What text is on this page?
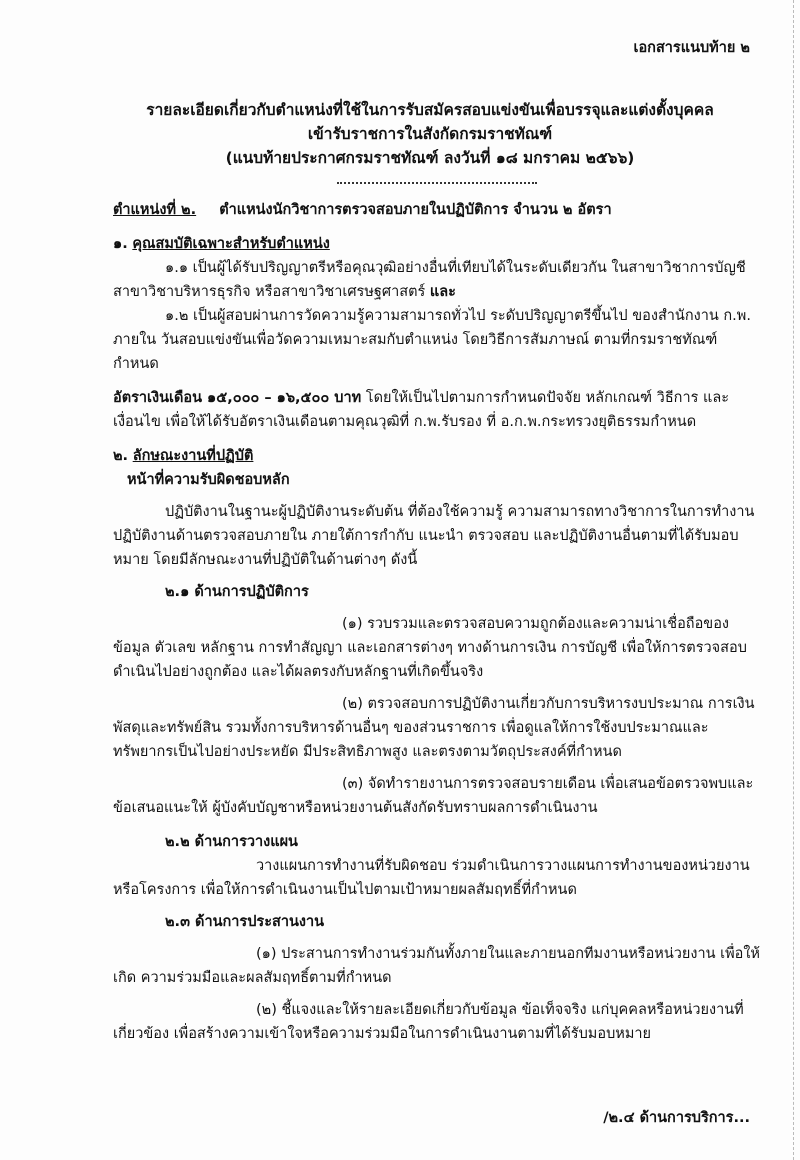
เอกสารแนบท้าย ๒
รายละเอียดเกี่ยวกับตำแหน่งที่ใช้ในการรับสมัครสอบแข่งขันเพื่อบรรจุและแต่งตั้งบุคคล
เข้ารับราชการในสังกัดกรมราชทัณฑ์
(แนบท้ายประกาศกรมราชทัณฑ์ ลงวันที่ ๑๘ มกราคม ๒๕๖๖)
ตำแหน่งที่ ๒. ตำแหน่งนักวิชาการตรวจสอบภายในปฏิบัติการ จำนวน ๒ อัตรา
๑. คุณสมบัติเฉพาะสำหรับตำแหน่ง
๑.๑ เป็นผู้ได้รับปริญญาตรีหรือคุณวุฒิอย่างอื่นที่เทียบได้ในระดับเดียวกัน ในสาขาวิชาการบัญชี สาขาวิชาบริหารธุรกิจ หรือสาขาวิชาเศรษฐศาสตร์ และ
๑.๒ เป็นผู้สอบผ่านการวัดความรู้ความสามารถทั่วไป ระดับปริญญาตรีขึ้นไป ของสำนักงาน ก.พ. ภายใน วันสอบแข่งขันเพื่อวัดความเหมาะสมกับตำแหน่ง โดยวิธีการสัมภาษณ์ ตามที่กรมราชทัณฑ์กำหนด
อัตราเงินเดือน ๑๕,๐๐๐ – ๑๖,๕๐๐ บาท โดยให้เป็นไปตามการกำหนดปัจจัย หลักเกณฑ์ วิธีการ และเงื่อนไข เพื่อให้ได้รับอัตราเงินเดือนตามคุณวุฒิที่ ก.พ.รับรอง ที่ อ.ก.พ.กระทรวงยุติธรรมกำหนด
๒. ลักษณะงานที่ปฏิบัติ
หน้าที่ความรับผิดชอบหลัก
ปฏิบัติงานในฐานะผู้ปฏิบัติงานระดับต้น ที่ต้องใช้ความรู้ ความสามารถทางวิชาการในการทำงาน ปฏิบัติงานด้านตรวจสอบภายใน ภายใต้การกำกับ แนะนำ ตรวจสอบ และปฏิบัติงานอื่นตามที่ได้รับมอบหมาย โดยมีลักษณะงานที่ปฏิบัติในด้านต่างๆ ดังนี้
๒.๑ ด้านการปฏิบัติการ
(๑) รวบรวมและตรวจสอบความถูกต้องและความน่าเชื่อถือของข้อมูล ตัวเลข หลักฐาน การทำสัญญา และเอกสารต่างๆ ทางด้านการเงิน การบัญชี เพื่อให้การตรวจสอบดำเนินไปอย่างถูกต้อง และได้ผลตรงกับหลักฐานที่เกิดขึ้นจริง
(๒) ตรวจสอบการปฏิบัติงานเกี่ยวกับการบริหารงบประมาณ การเงิน พัสดุและทรัพย์สิน รวมทั้งการบริหารด้านอื่นๆ ของส่วนราชการ เพื่อดูแลให้การใช้งบประมาณและทรัพยากรเป็นไปอย่างประหยัด มีประสิทธิภาพสูง และตรงตามวัตถุประสงค์ที่กำหนด
(๓) จัดทำรายงานการตรวจสอบรายเดือน เพื่อเสนอข้อตรวจพบและข้อเสนอแนะให้ ผู้บังคับบัญชาหรือหน่วยงานต้นสังกัดรับทราบผลการดำเนินงาน
๒.๒ ด้านการวางแผน
วางแผนการทำงานที่รับผิดชอบ ร่วมดำเนินการวางแผนการทำงานของหน่วยงานหรือโครงการ เพื่อให้การดำเนินงานเป็นไปตามเป้าหมายผลสัมฤทธิ์ที่กำหนด
๒.๓ ด้านการประสานงาน
(๑) ประสานการทำงานร่วมกันทั้งภายในและภายนอกทีมงานหรือหน่วยงาน เพื่อให้เกิด ความร่วมมือและผลสัมฤทธิ์ตามที่กำหนด
(๒) ชี้แจงและให้รายละเอียดเกี่ยวกับข้อมูล ข้อเท็จจริง แก่บุคคลหรือหน่วยงานที่เกี่ยวข้อง เพื่อสร้างความเข้าใจหรือความร่วมมือในการดำเนินงานตามที่ได้รับมอบหมาย
/๒.๔ ด้านการบริการ...
